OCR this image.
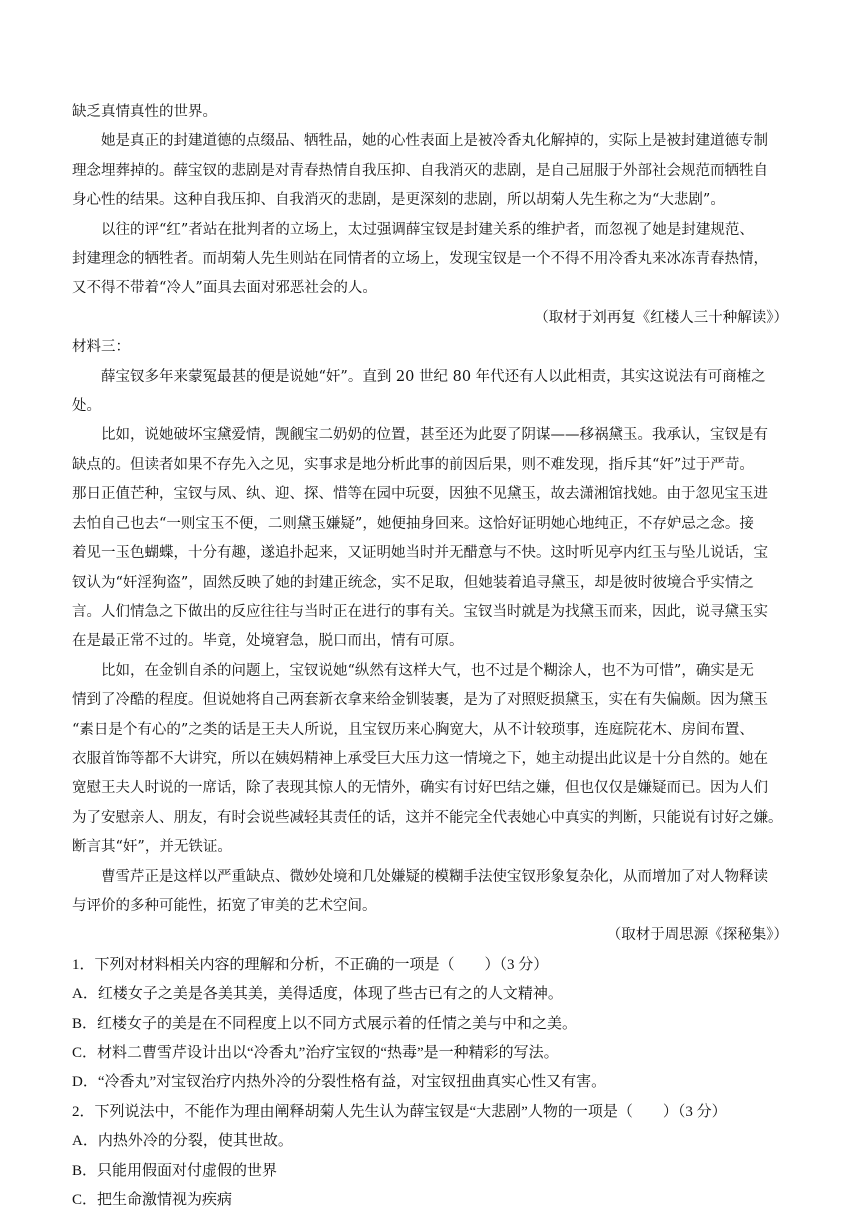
缺乏真情真性的世界。
她是真正的封建道德的点缀品、牺牲品，她的心性表面上是被冷香丸化解掉的，实际上是被封建道德专制
理念埋葬掉的。薛宝钗的悲剧是对青春热情自我压抑、自我消灭的悲剧，是自己屈服于外部社会规范而牺牲自
身心性的结果。这种自我压抑、自我消灭的悲剧，是更深刻的悲剧，所以胡菊人先生称之为“大悲剧”。
以往的评“红”者站在批判者的立场上，太过强调薛宝钗是封建关系的维护者，而忽视了她是封建规范、
封建理念的牺牲者。而胡菊人先生则站在同情者的立场上，发现宝钗是一个不得不用冷香丸来冰冻青春热情，
又不得不带着“冷人”面具去面对邪恶社会的人。
（取材于刘再复《红楼人三十种解读》）
材料三：
薛宝钗多年来蒙冤最甚的便是说她“奸”。直到 20 世纪 80 年代还有人以此相责，其实这说法有可商榷之
处。
比如，说她破坏宝黛爱情，觊觎宝二奶奶的位置，甚至还为此耍了阴谋——移祸黛玉。我承认，宝钗是有
缺点的。但读者如果不存先入之见，实事求是地分析此事的前因后果，则不难发现，指斥其“奸”过于严苛。
那日正值芒种，宝钗与凤、纨、迎、探、惜等在园中玩耍，因独不见黛玉，故去潇湘馆找她。由于忽见宝玉进
去怕自己也去“一则宝玉不便，二则黛玉嫌疑”，她便抽身回来。这恰好证明她心地纯正，不存妒忌之念。接
着见一玉色蝴蝶，十分有趣，遂追扑起来，又证明她当时并无醋意与不快。这时听见亭内红玉与坠儿说话，宝
钗认为“奸淫狗盗”，固然反映了她的封建正统念，实不足取，但她装着追寻黛玉，却是彼时彼境合乎实情之
言。人们情急之下做出的反应往往与当时正在进行的事有关。宝钗当时就是为找黛玉而来，因此，说寻黛玉实
在是最正常不过的。毕竟，处境窘急，脱口而出，情有可原。
比如，在金钏自杀的问题上，宝钗说她“纵然有这样大气，也不过是个糊涂人，也不为可惜”，确实是无
情到了冷酷的程度。但说她将自己两套新衣拿来给金钏装裹，是为了对照贬损黛玉，实在有失偏颇。因为黛玉
“素日是个有心的”之类的话是王夫人所说，且宝钗历来心胸宽大，从不计较琐事，连庭院花木、房间布置、
衣服首饰等都不大讲究，所以在姨妈精神上承受巨大压力这一情境之下，她主动提出此议是十分自然的。她在
宽慰王夫人时说的一席话，除了表现其惊人的无情外，确实有讨好巴结之嫌，但也仅仅是嫌疑而已。因为人们
为了安慰亲人、朋友，有时会说些减轻其责任的话，这并不能完全代表她心中真实的判断，只能说有讨好之嫌。
断言其“奸”，并无铁证。
曹雪芹正是这样以严重缺点、微妙处境和几处嫌疑的模糊手法使宝钗形象复杂化，从而增加了对人物释读
与评价的多种可能性，拓宽了审美的艺术空间。
（取材于周思源《探秘集》）
1．下列对材料相关内容的理解和分析，不正确的一项是（　　）（3 分）
A．红楼女子之美是各美其美，美得适度，体现了些古已有之的人文精神。
B．红楼女子的美是在不同程度上以不同方式展示着的任情之美与中和之美。
C．材料二曹雪芹设计出以“冷香丸”治疗宝钗的“热毒”是一种精彩的写法。
D．“冷香丸”对宝钗治疗内热外冷的分裂性格有益，对宝钗扭曲真实心性又有害。
2．下列说法中，不能作为理由阐释胡菊人先生认为薛宝钗是“大悲剧”人物的一项是（　　）（3 分）
A．内热外冷的分裂，使其世故。
B．只能用假面对付虚假的世界
C．把生命激情视为疾病
